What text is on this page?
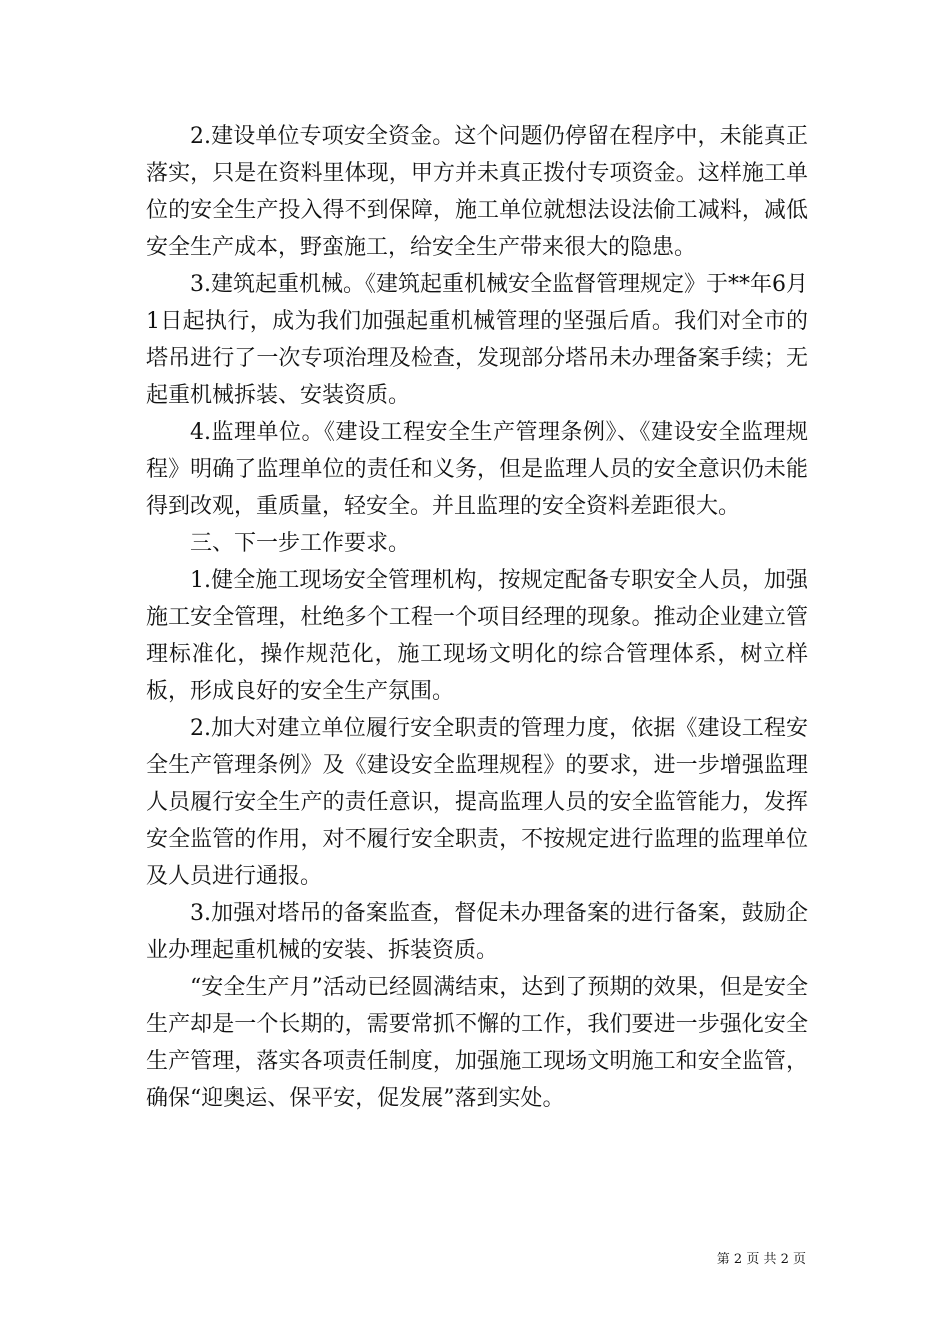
2.建设单位专项安全资金。这个问题仍停留在程序中，未能真正落实，只是在资料里体现，甲方并未真正拨付专项资金。这样施工单位的安全生产投入得不到保障，施工单位就想法设法偷工减料，减低安全生产成本，野蛮施工，给安全生产带来很大的隐患。

3.建筑起重机械。《建筑起重机械安全监督管理规定》于**年6月1日起执行，成为我们加强起重机械管理的坚强后盾。我们对全市的塔吊进行了一次专项治理及检查，发现部分塔吊未办理备案手续；无起重机械拆装、安装资质。

4.监理单位。《建设工程安全生产管理条例》、《建设安全监理规程》明确了监理单位的责任和义务，但是监理人员的安全意识仍未能得到改观，重质量，轻安全。并且监理的安全资料差距很大。

三、下一步工作要求。

1.健全施工现场安全管理机构，按规定配备专职安全人员，加强施工安全管理，杜绝多个工程一个项目经理的现象。推动企业建立管理标准化，操作规范化，施工现场文明化的综合管理体系，树立样板，形成良好的安全生产氛围。

2.加大对建立单位履行安全职责的管理力度，依据《建设工程安全生产管理条例》及《建设安全监理规程》的要求，进一步增强监理人员履行安全生产的责任意识，提高监理人员的安全监管能力，发挥安全监管的作用，对不履行安全职责，不按规定进行监理的监理单位及人员进行通报。

3.加强对塔吊的备案监查，督促未办理备案的进行备案，鼓励企业办理起重机械的安装、拆装资质。

“安全生产月”活动已经圆满结束，达到了预期的效果，但是安全生产却是一个长期的，需要常抓不懈的工作，我们要进一步强化安全生产管理，落实各项责任制度，加强施工现场文明施工和安全监管，确保“迎奥运、保平安，促发展”落到实处。

第 2 页 共 2 页
